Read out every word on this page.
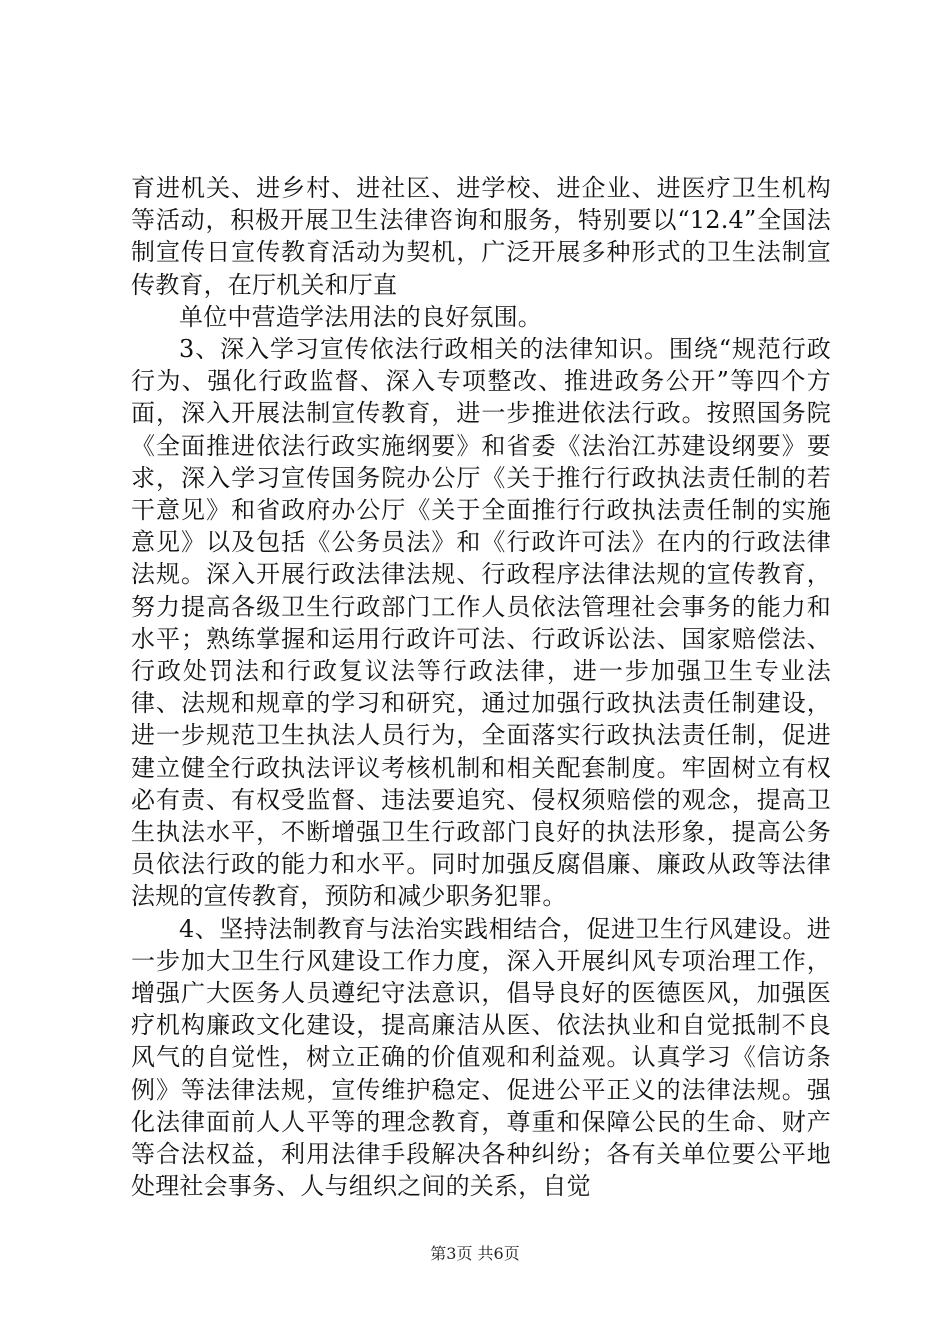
育进机关、进乡村、进社区、进学校、进企业、进医疗卫生机构等活动，积极开展卫生法律咨询和服务，特别要以“12.4”全国法制宣传日宣传教育活动为契机，广泛开展多种形式的卫生法制宣传教育，在厅机关和厅直

单位中营造学法用法的良好氛围。

3、深入学习宣传依法行政相关的法律知识。围绕“规范行政行为、强化行政监督、深入专项整改、推进政务公开”等四个方面，深入开展法制宣传教育，进一步推进依法行政。按照国务院《全面推进依法行政实施纲要》和省委《法治江苏建设纲要》要求，深入学习宣传国务院办公厅《关于推行行政执法责任制的若干意见》和省政府办公厅《关于全面推行行政执法责任制的实施意见》以及包括《公务员法》和《行政许可法》在内的行政法律法规。深入开展行政法律法规、行政程序法律法规的宣传教育，努力提高各级卫生行政部门工作人员依法管理社会事务的能力和水平；熟练掌握和运用行政许可法、行政诉讼法、国家赔偿法、行政处罚法和行政复议法等行政法律，进一步加强卫生专业法律、法规和规章的学习和研究，通过加强行政执法责任制建设，进一步规范卫生执法人员行为，全面落实行政执法责任制，促进建立健全行政执法评议考核机制和相关配套制度。牢固树立有权必有责、有权受监督、违法要追究、侵权须赔偿的观念，提高卫生执法水平，不断增强卫生行政部门良好的执法形象，提高公务员依法行政的能力和水平。同时加强反腐倡廉、廉政从政等法律法规的宣传教育，预防和减少职务犯罪。

4、坚持法制教育与法治实践相结合，促进卫生行风建设。进一步加大卫生行风建设工作力度，深入开展纠风专项治理工作，增强广大医务人员遵纪守法意识，倡导良好的医德医风，加强医疗机构廉政文化建设，提高廉洁从医、依法执业和自觉抵制不良风气的自觉性，树立正确的价值观和利益观。认真学习《信访条例》等法律法规，宣传维护稳定、促进公平正义的法律法规。强化法律面前人人平等的理念教育，尊重和保障公民的生命、财产等合法权益，利用法律手段解决各种纠纷；各有关单位要公平地处理社会事务、人与组织之间的关系，自觉

第3页 共6页
